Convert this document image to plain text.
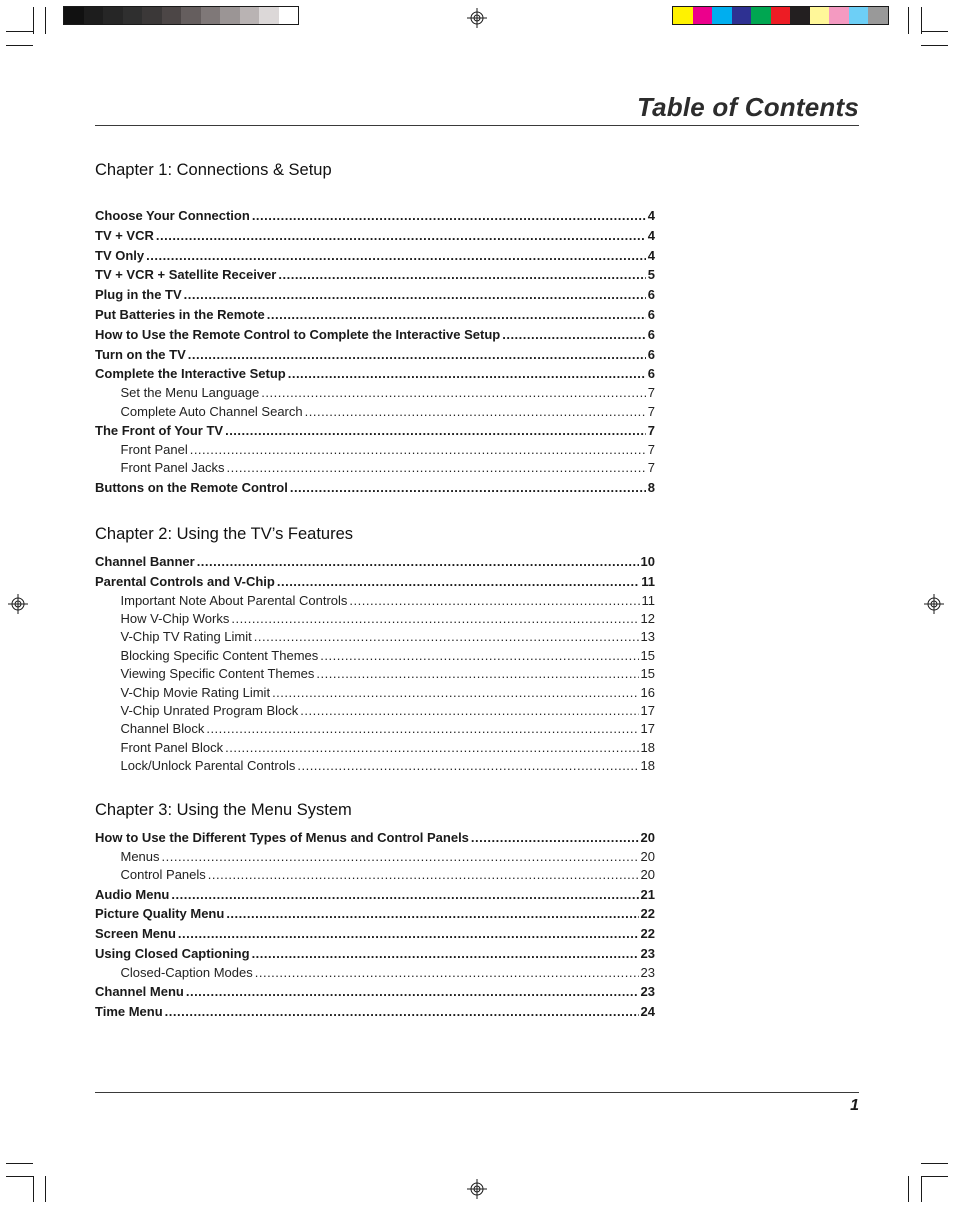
Table of Contents
Chapter 1: Connections & Setup
Choose Your Connection .....	4
TV + VCR .....	4
TV Only .....	4
TV + VCR + Satellite Receiver .....	5
Plug in the TV .....	6
Put Batteries in the Remote .....	6
How to Use the Remote Control to Complete the Interactive Setup .....	6
Turn on the TV .....	6
Complete the Interactive Setup .....	6
Set the Menu Language .....	7
Complete Auto Channel Search .....	7
The Front of Your TV .....	7
Front Panel .....	7
Front Panel Jacks .....	7
Buttons on the Remote Control .....	8
Chapter 2: Using the TV’s Features
Channel Banner .....	10
Parental Controls and V-Chip .....	11
Important Note About Parental Controls .....	11
How V-Chip Works .....	12
V-Chip TV Rating Limit .....	13
Blocking Specific Content Themes .....	15
Viewing Specific Content Themes .....	15
V-Chip Movie Rating Limit .....	16
V-Chip Unrated Program Block .....	17
Channel Block .....	17
Front Panel Block .....	18
Lock/Unlock Parental Controls .....	18
Chapter 3: Using the Menu System
How to Use the Different Types of Menus and Control Panels .....	20
Menus .....	20
Control Panels .....	20
Audio Menu .....	21
Picture Quality Menu .....	22
Screen Menu .....	22
Using Closed Captioning .....	23
Closed-Caption Modes .....	23
Channel Menu .....	23
Time Menu .....	24
1
